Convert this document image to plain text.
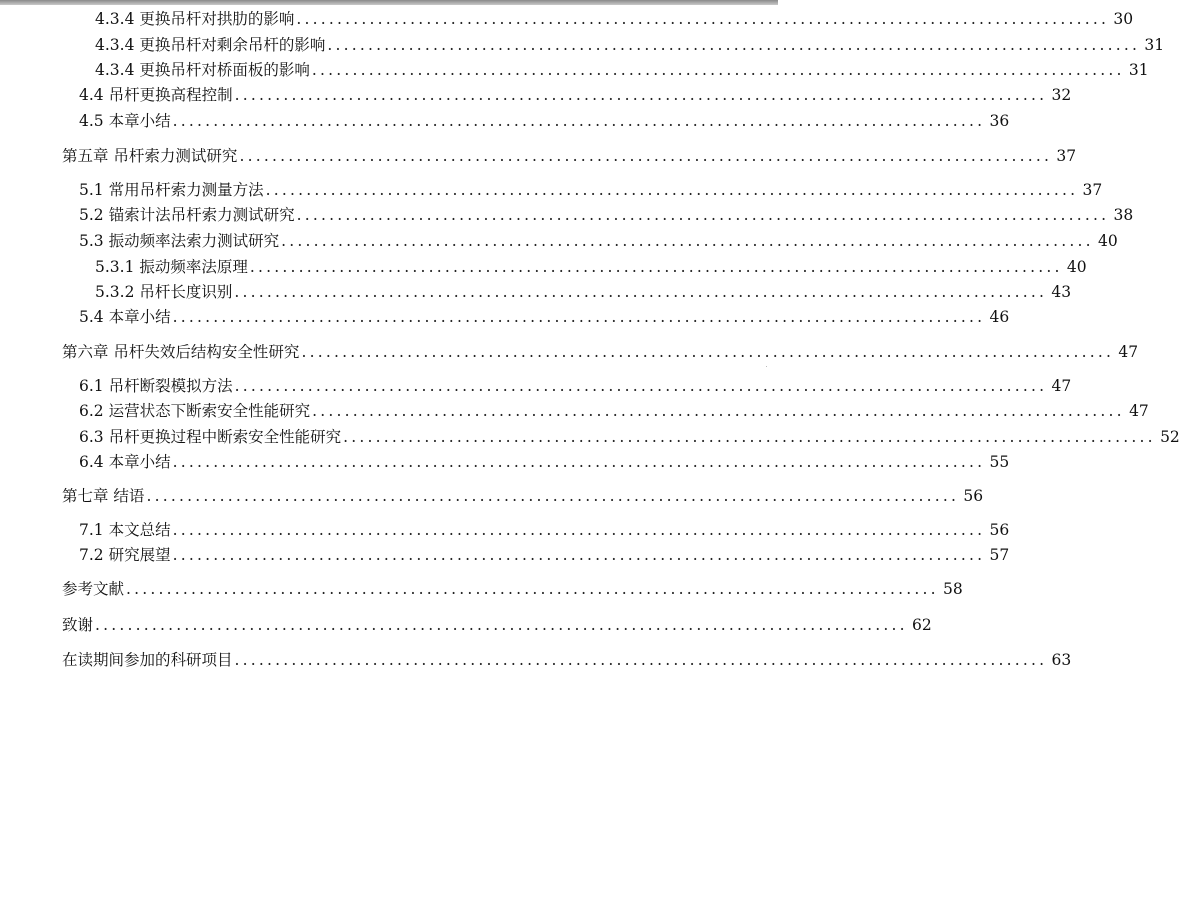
4.3.4 更换吊杆对拱肋的影响 .................................................................................................... 30
4.3.4 更换吊杆对剩余吊杆的影响 .................................................................................................... 31
4.3.4 更换吊杆对桥面板的影响 .................................................................................................... 31
4.4 吊杆更换高程控制 .................................................................................................... 32
4.5 本章小结 .................................................................................................... 36
第五章 吊杆索力测试研究 .................................................................................................... 37
5.1 常用吊杆索力测量方法 .................................................................................................... 37
5.2 锚索计法吊杆索力测试研究 .................................................................................................... 38
5.3 振动频率法索力测试研究 .................................................................................................... 40
5.3.1 振动频率法原理 .................................................................................................... 40
5.3.2 吊杆长度识别 .................................................................................................... 43
5.4 本章小结 .................................................................................................... 46
第六章 吊杆失效后结构安全性研究 .................................................................................................... 47
6.1 吊杆断裂模拟方法 .................................................................................................... 47
6.2 运营状态下断索安全性能研究 .................................................................................................... 47
6.3 吊杆更换过程中断索安全性能研究 .................................................................................................... 52
6.4 本章小结 .................................................................................................... 55
第七章 结语 .................................................................................................... 56
7.1 本文总结 .................................................................................................... 56
7.2 研究展望 .................................................................................................... 57
参考文献 .................................................................................................... 58
致谢 .................................................................................................... 62
在读期间参加的科研项目 .................................................................................................... 63
